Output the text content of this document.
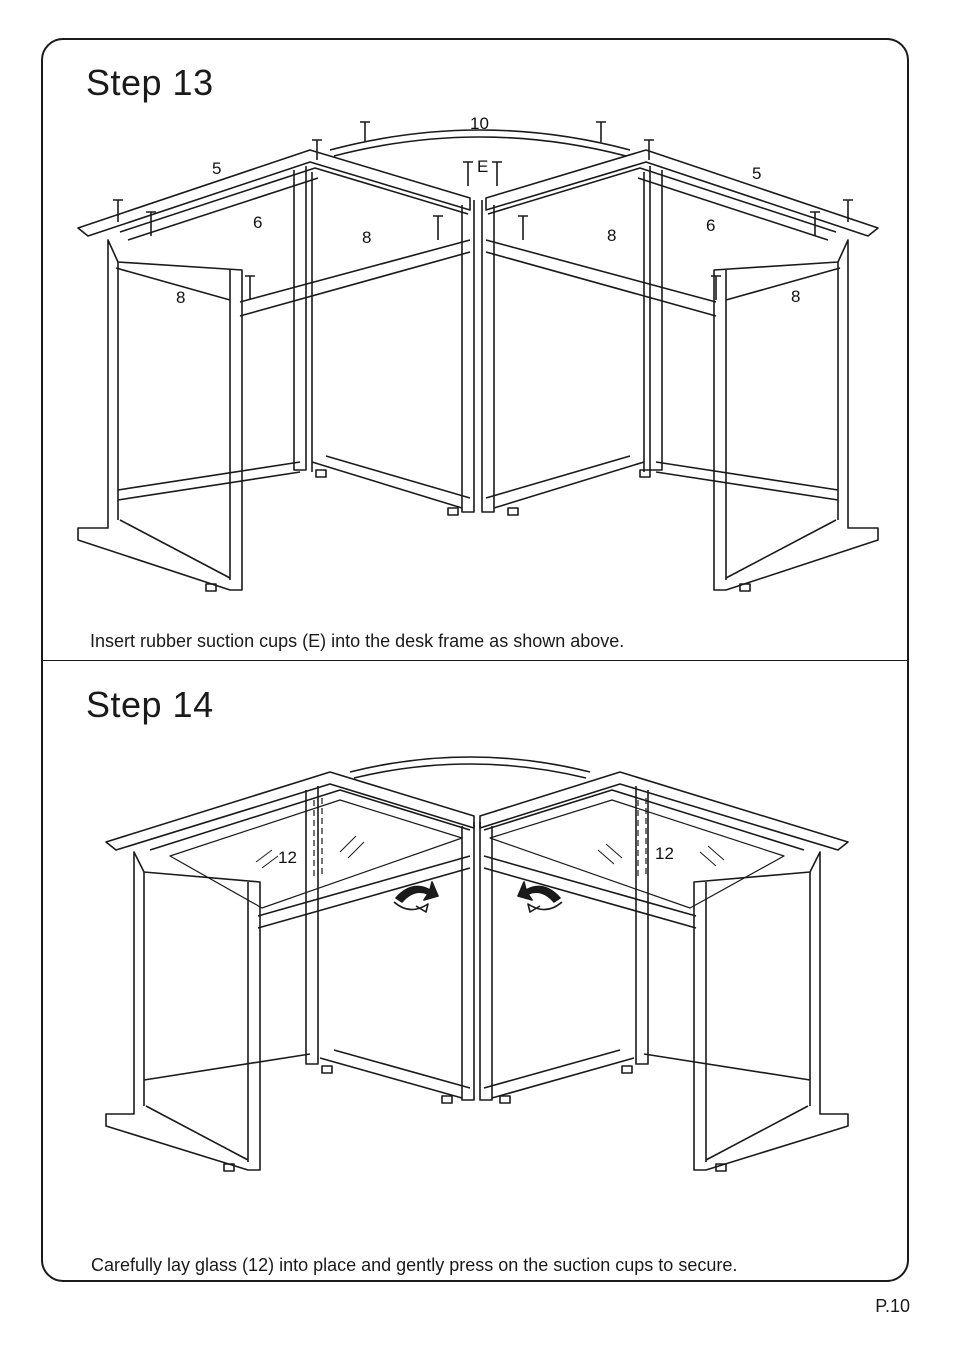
Step 13
Step 14
Insert rubber suction cups (E) into the desk frame as shown above.
Carefully lay glass (12) into place and gently press on the suction cups to secure.
P.10
10
5	5
E
6	6
8	8
8	8
12	12
